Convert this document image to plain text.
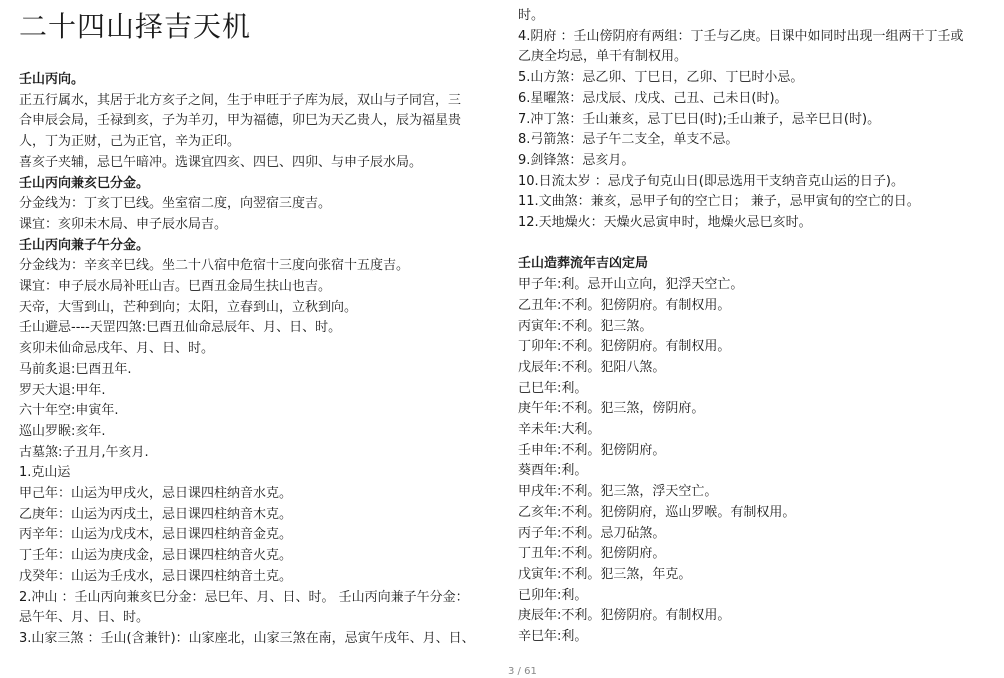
二十四山择吉天机
壬山丙向。
正五行属水，其居于北方亥子之间，生于申旺于子库为辰，双山与子同宫，三
合申辰会局，壬禄到亥，子为羊刃，甲为福德，卯巳为天乙贵人，辰为福星贵
人，丁为正财，己为正官，辛为正印。
喜亥子夹辅，忌巳午暗冲。选课宜四亥、四巳、四卯、与申子辰水局。
壬山丙向兼亥巳分金。
分金线为：丁亥丁巳线。坐室宿二度，向翌宿三度吉。
课宜：亥卯未木局、申子辰水局吉。
壬山丙向兼子午分金。
分金线为：辛亥辛巳线。坐二十八宿中危宿十三度向张宿十五度吉。
课宜：申子辰水局补旺山吉。巳酉丑金局生扶山也吉。
天帝，大雪到山，芒种到向；太阳，立春到山，立秋到向。
壬山避忌----天罡四煞:巳酉丑仙命忌辰年、月、日、时。
亥卯未仙命忌戌年、月、日、时。
马前炙退:巳酉丑年.
罗天大退:甲年.
六十年空:申寅年.
巡山罗睺:亥年.
古墓煞:子丑月,午亥月.
1.克山运
甲己年：山运为甲戌火，忌日课四柱纳音水克。
乙庚年：山运为丙戌土，忌日课四柱纳音木克。
丙辛年：山运为戊戌木，忌日课四柱纳音金克。
丁壬年：山运为庚戌金，忌日课四柱纳音火克。
戊癸年：山运为壬戌水，忌日课四柱纳音土克。
2.冲山 ：壬山丙向兼亥巳分金：忌巳年、月、日、时。 壬山丙向兼子午分金：
忌午年、月、日、时。
3.山家三煞 ：壬山(含兼针)：山家座北，山家三煞在南，忌寅午戌年、月、日、
时。
4.阴府 ：壬山傍阴府有两组：丁壬与乙庚。日课中如同时出现一组两干丁壬或
乙庚全均忌，单干有制权用。
5.山方煞：忌乙卯、丁巳日，乙卯、丁巳时小忌。
6.星曜煞：忌戊辰、戊戌、己丑、己未日(时)。
7.冲丁煞：壬山兼亥，忌丁巳日(时);壬山兼子，忌辛巳日(时)。
8.弓箭煞：忌子午二支全，单支不忌。
9.剑锋煞：忌亥月。
10.日流太岁 ：忌戊子旬克山日(即忌选用干支纳音克山运的日子)。
11.文曲煞：兼亥，忌甲子旬的空亡日； 兼子，忌甲寅旬的空亡的日。
12.天地燥火：天燥火忌寅申时，地燥火忌巳亥时。
壬山造葬流年吉凶定局
甲子年:利。忌开山立向，犯浮天空亡。
乙丑年:不利。犯傍阴府。有制权用。
丙寅年:不利。犯三煞。
丁卯年:不利。犯傍阴府。有制权用。
戊辰年:不利。犯阳八煞。
己巳年:利。
庚午年:不利。犯三煞，傍阴府。
辛未年:大利。
壬申年:不利。犯傍阴府。
葵酉年:利。
甲戌年:不利。犯三煞，浮天空亡。
乙亥年:不利。犯傍阴府，巡山罗喉。有制权用。
丙子年:不利。忌刀砧煞。
丁丑年:不利。犯傍阴府。
戊寅年:不利。犯三煞，年克。
已卯年:利。
庚辰年:不利。犯傍阴府。有制权用。
辛巳年:利。
3 / 61
